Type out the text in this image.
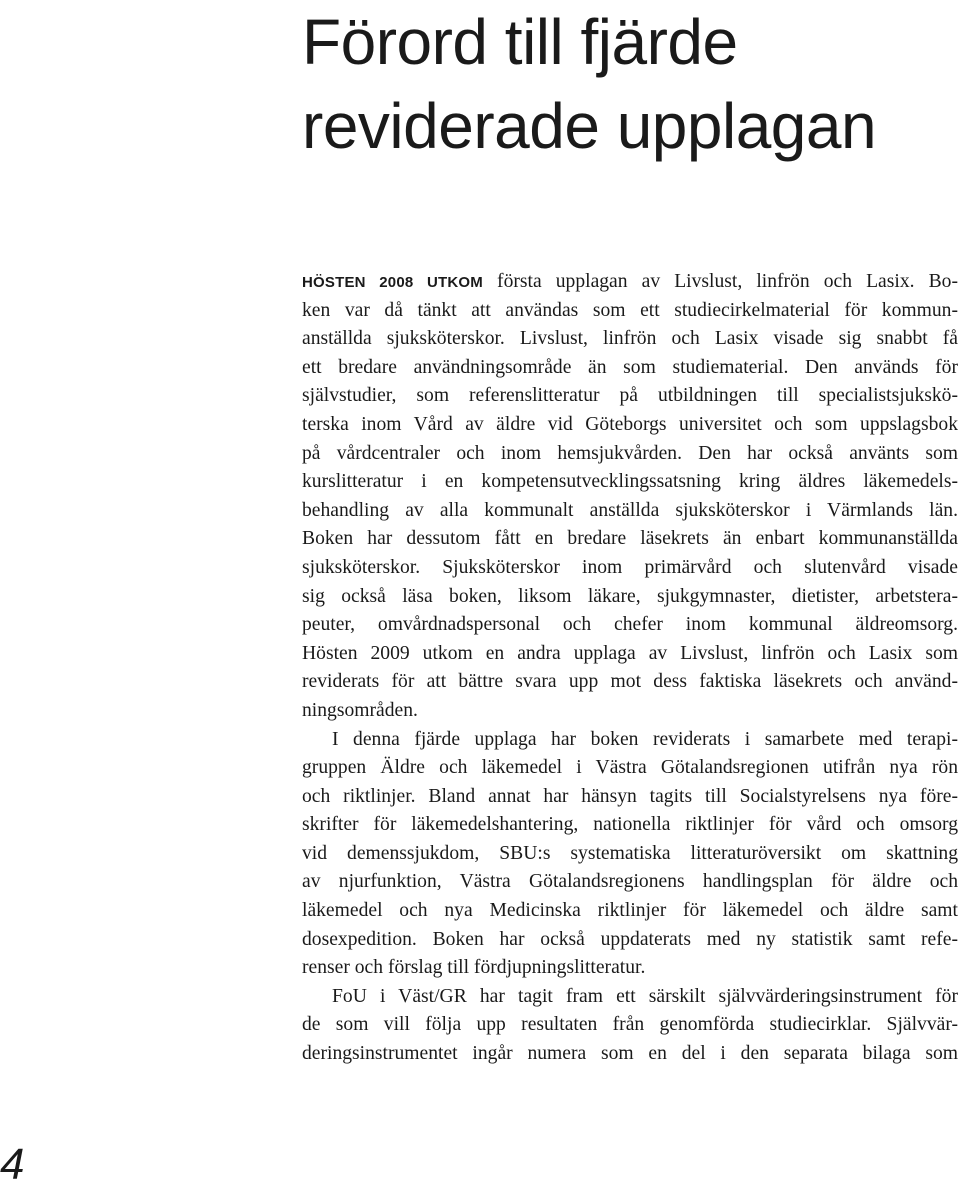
Förord till fjärde
reviderade upplagan
HÖSTEN 2008 UTKOM första upplagan av Livslust, linfrön och Lasix. Bo-
ken var då tänkt att användas som ett studiecirkelmaterial för kommun-
anställda sjuksköterskor. Livslust, linfrön och Lasix visade sig snabbt få
ett bredare användningsområde än som studiematerial. Den används för
självstudier, som referenslitteratur på utbildningen till specialistsjukskö-
terska inom Vård av äldre vid Göteborgs universitet och som uppslagsbok
på vårdcentraler och inom hemsjukvården. Den har också använts som
kurslitteratur i en kompetensutvecklingssatsning kring äldres läkemedels-
behandling av alla kommunalt anställda sjuksköterskor i Värmlands län.
Boken har dessutom fått en bredare läsekrets än enbart kommunanställda
sjuksköterskor. Sjuksköterskor inom primärvård och slutenvård visade
sig också läsa boken, liksom läkare, sjukgymnaster, dietister, arbetstera-
peuter, omvårdnadspersonal och chefer inom kommunal äldreomsorg.
Hösten 2009 utkom en andra upplaga av Livslust, linfrön och Lasix som
reviderats för att bättre svara upp mot dess faktiska läsekrets och använd-
ningsområden.
I denna fjärde upplaga har boken reviderats i samarbete med terapi-
gruppen Äldre och läkemedel i Västra Götalandsregionen utifrån nya rön
och riktlinjer. Bland annat har hänsyn tagits till Socialstyrelsens nya före-
skrifter för läkemedelshantering, nationella riktlinjer för vård och omsorg
vid demenssjukdom, SBU:s systematiska litteraturöversikt om skattning
av njurfunktion, Västra Götalandsregionens handlingsplan för äldre och
läkemedel och nya Medicinska riktlinjer för läkemedel och äldre samt
dosexpedition. Boken har också uppdaterats med ny statistik samt refe-
renser och förslag till fördjupningslitteratur.
FoU i Väst/GR har tagit fram ett särskilt självvärderingsinstrument för
de som vill följa upp resultaten från genomförda studiecirklar. Självvär-
deringsinstrumentet ingår numera som en del i den separata bilaga som
4
